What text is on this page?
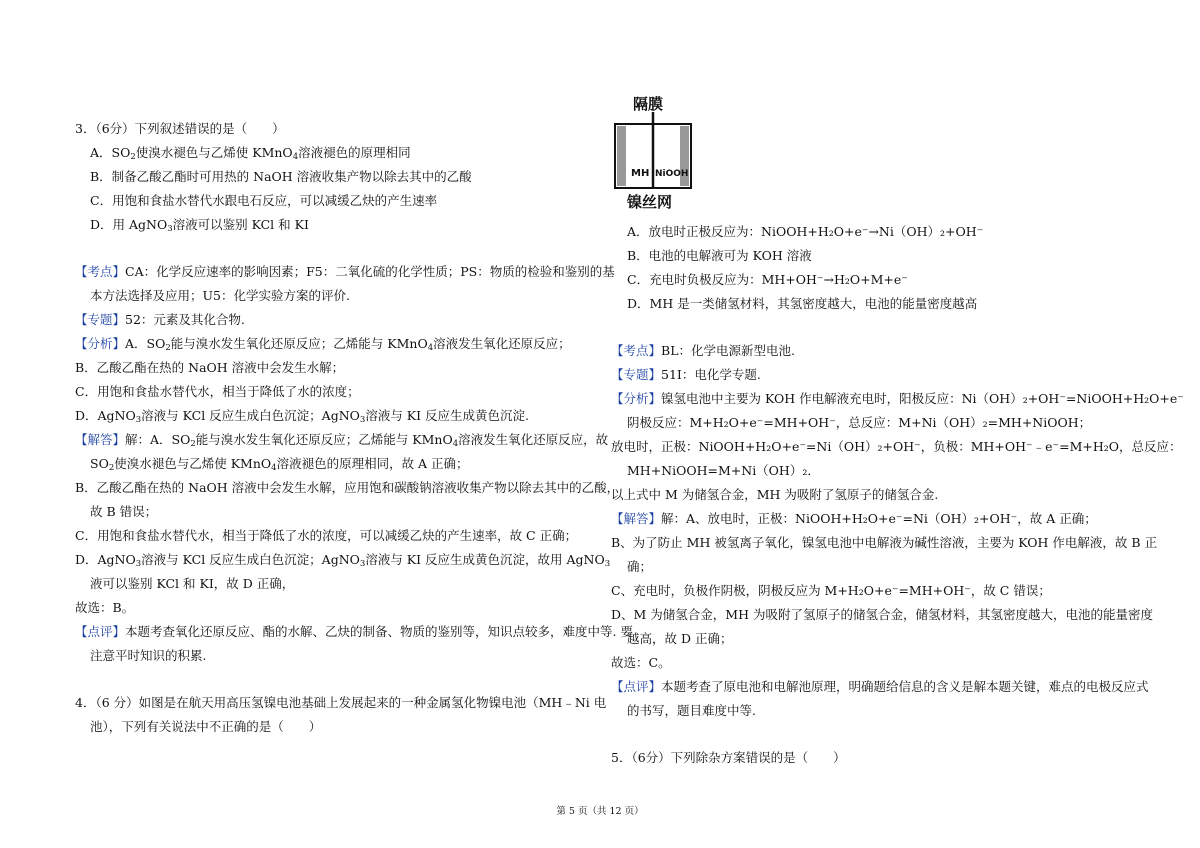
3．（6分）下列叙述错误的是（　　）
A．$SO_2$使溴水褪色与乙烯使 KMnO$_4$溶液褪色的原理相同
B．制备乙酸乙酯时可用热的 NaOH 溶液收集产物以除去其中的乙酸
C．用饱和食盐水替代水跟电石反应，可以减缓乙炔的产生速率
D．用 AgNO$_3$溶液可以鉴别 KCl 和 KI
【考点】CA：化学反应速率的影响因素；F5：二氧化硫的化学性质；PS：物质的检验和鉴别的基
本方法选择及应用；U5：化学实验方案的评价.
【专题】52：元素及其化合物.
【分析】A．$SO_2$能与溴水发生氧化还原反应；乙烯能与 KMnO$_4$溶液发生氧化还原反应；
B．乙酸乙酯在热的 NaOH 溶液中会发生水解；
C．用饱和食盐水替代水，相当于降低了水的浓度；
D．AgNO$_3$溶液与 KCl 反应生成白色沉淀；AgNO$_3$溶液与 KI 反应生成黄色沉淀.
【解答】解：A．$SO_2$能与溴水发生氧化还原反应；乙烯能与 KMnO$_4$溶液发生氧化还原反应，故
$SO_2$使溴水褪色与乙烯使 KMnO$_4$溶液褪色的原理相同，故 A 正确；
B．乙酸乙酯在热的 NaOH 溶液中会发生水解，应用饱和碳酸钠溶液收集产物以除去其中的乙酸，
故 B 错误；
C．用饱和食盐水替代水，相当于降低了水的浓度，可以减缓乙炔的产生速率，故 C 正确；
D．AgNO$_3$溶液与 KCl 反应生成白色沉淀；AgNO$_3$溶液与 KI 反应生成黄色沉淀，故用 AgNO$_3$
液可以鉴别 KCl 和 KI，故 D 正确，
故选：B。
【点评】本题考查氧化还原反应、酯的水解、乙炔的制备、物质的鉴别等，知识点较多，难度中等. 要
注意平时知识的积累.
4．（6 分）如图是在航天用高压氢镍电池基础上发展起来的一种金属氢化物镍电池（MH﹣Ni 电
池），下列有关说法中不正确的是（　　）
隔膜
MH NiOOH
镍丝网
A．放电时正极反应为：NiOOH+H₂O+e⁻→Ni（OH）₂+OH⁻
B．电池的电解液可为 KOH 溶液
C．充电时负极反应为：MH+OH⁻→H₂O+M+e⁻
D．MH 是一类储氢材料，其氢密度越大，电池的能量密度越高
【考点】BL：化学电源新型电池.
【专题】51I：电化学专题.
【分析】镍氢电池中主要为 KOH 作电解液充电时，阳极反应：Ni（OH）₂+OH⁻=NiOOH+H₂O+e⁻
阴极反应：M+H₂O+e⁻=MH+OH⁻，总反应：M+Ni（OH）₂=MH+NiOOH；
放电时，正极：NiOOH+H₂O+e⁻=Ni（OH）₂+OH⁻，负极：MH+OH⁻﹣e⁻=M+H₂O，总反应：
MH+NiOOH=M+Ni（OH）₂．
以上式中 M 为储氢合金，MH 为吸附了氢原子的储氢合金.
【解答】解：A、放电时，正极：NiOOH+H₂O+e⁻=Ni（OH）₂+OH⁻，故 A 正确；
B、为了防止 MH 被氢离子氧化，镍氢电池中电解液为碱性溶液，主要为 KOH 作电解液，故 B 正
确；
C、充电时，负极作阴极，阴极反应为 M+H₂O+e⁻=MH+OH⁻，故 C 错误；
D、M 为储氢合金，MH 为吸附了氢原子的储氢合金，储氢材料，其氢密度越大，电池的能量密度
越高，故 D 正确；
故选：C。
【点评】本题考查了原电池和电解池原理，明确题给信息的含义是解本题关键，难点的电极反应式
的书写，题目难度中等.
5．（6分）下列除杂方案错误的是（　　）
第 5 页（共 12 页）
